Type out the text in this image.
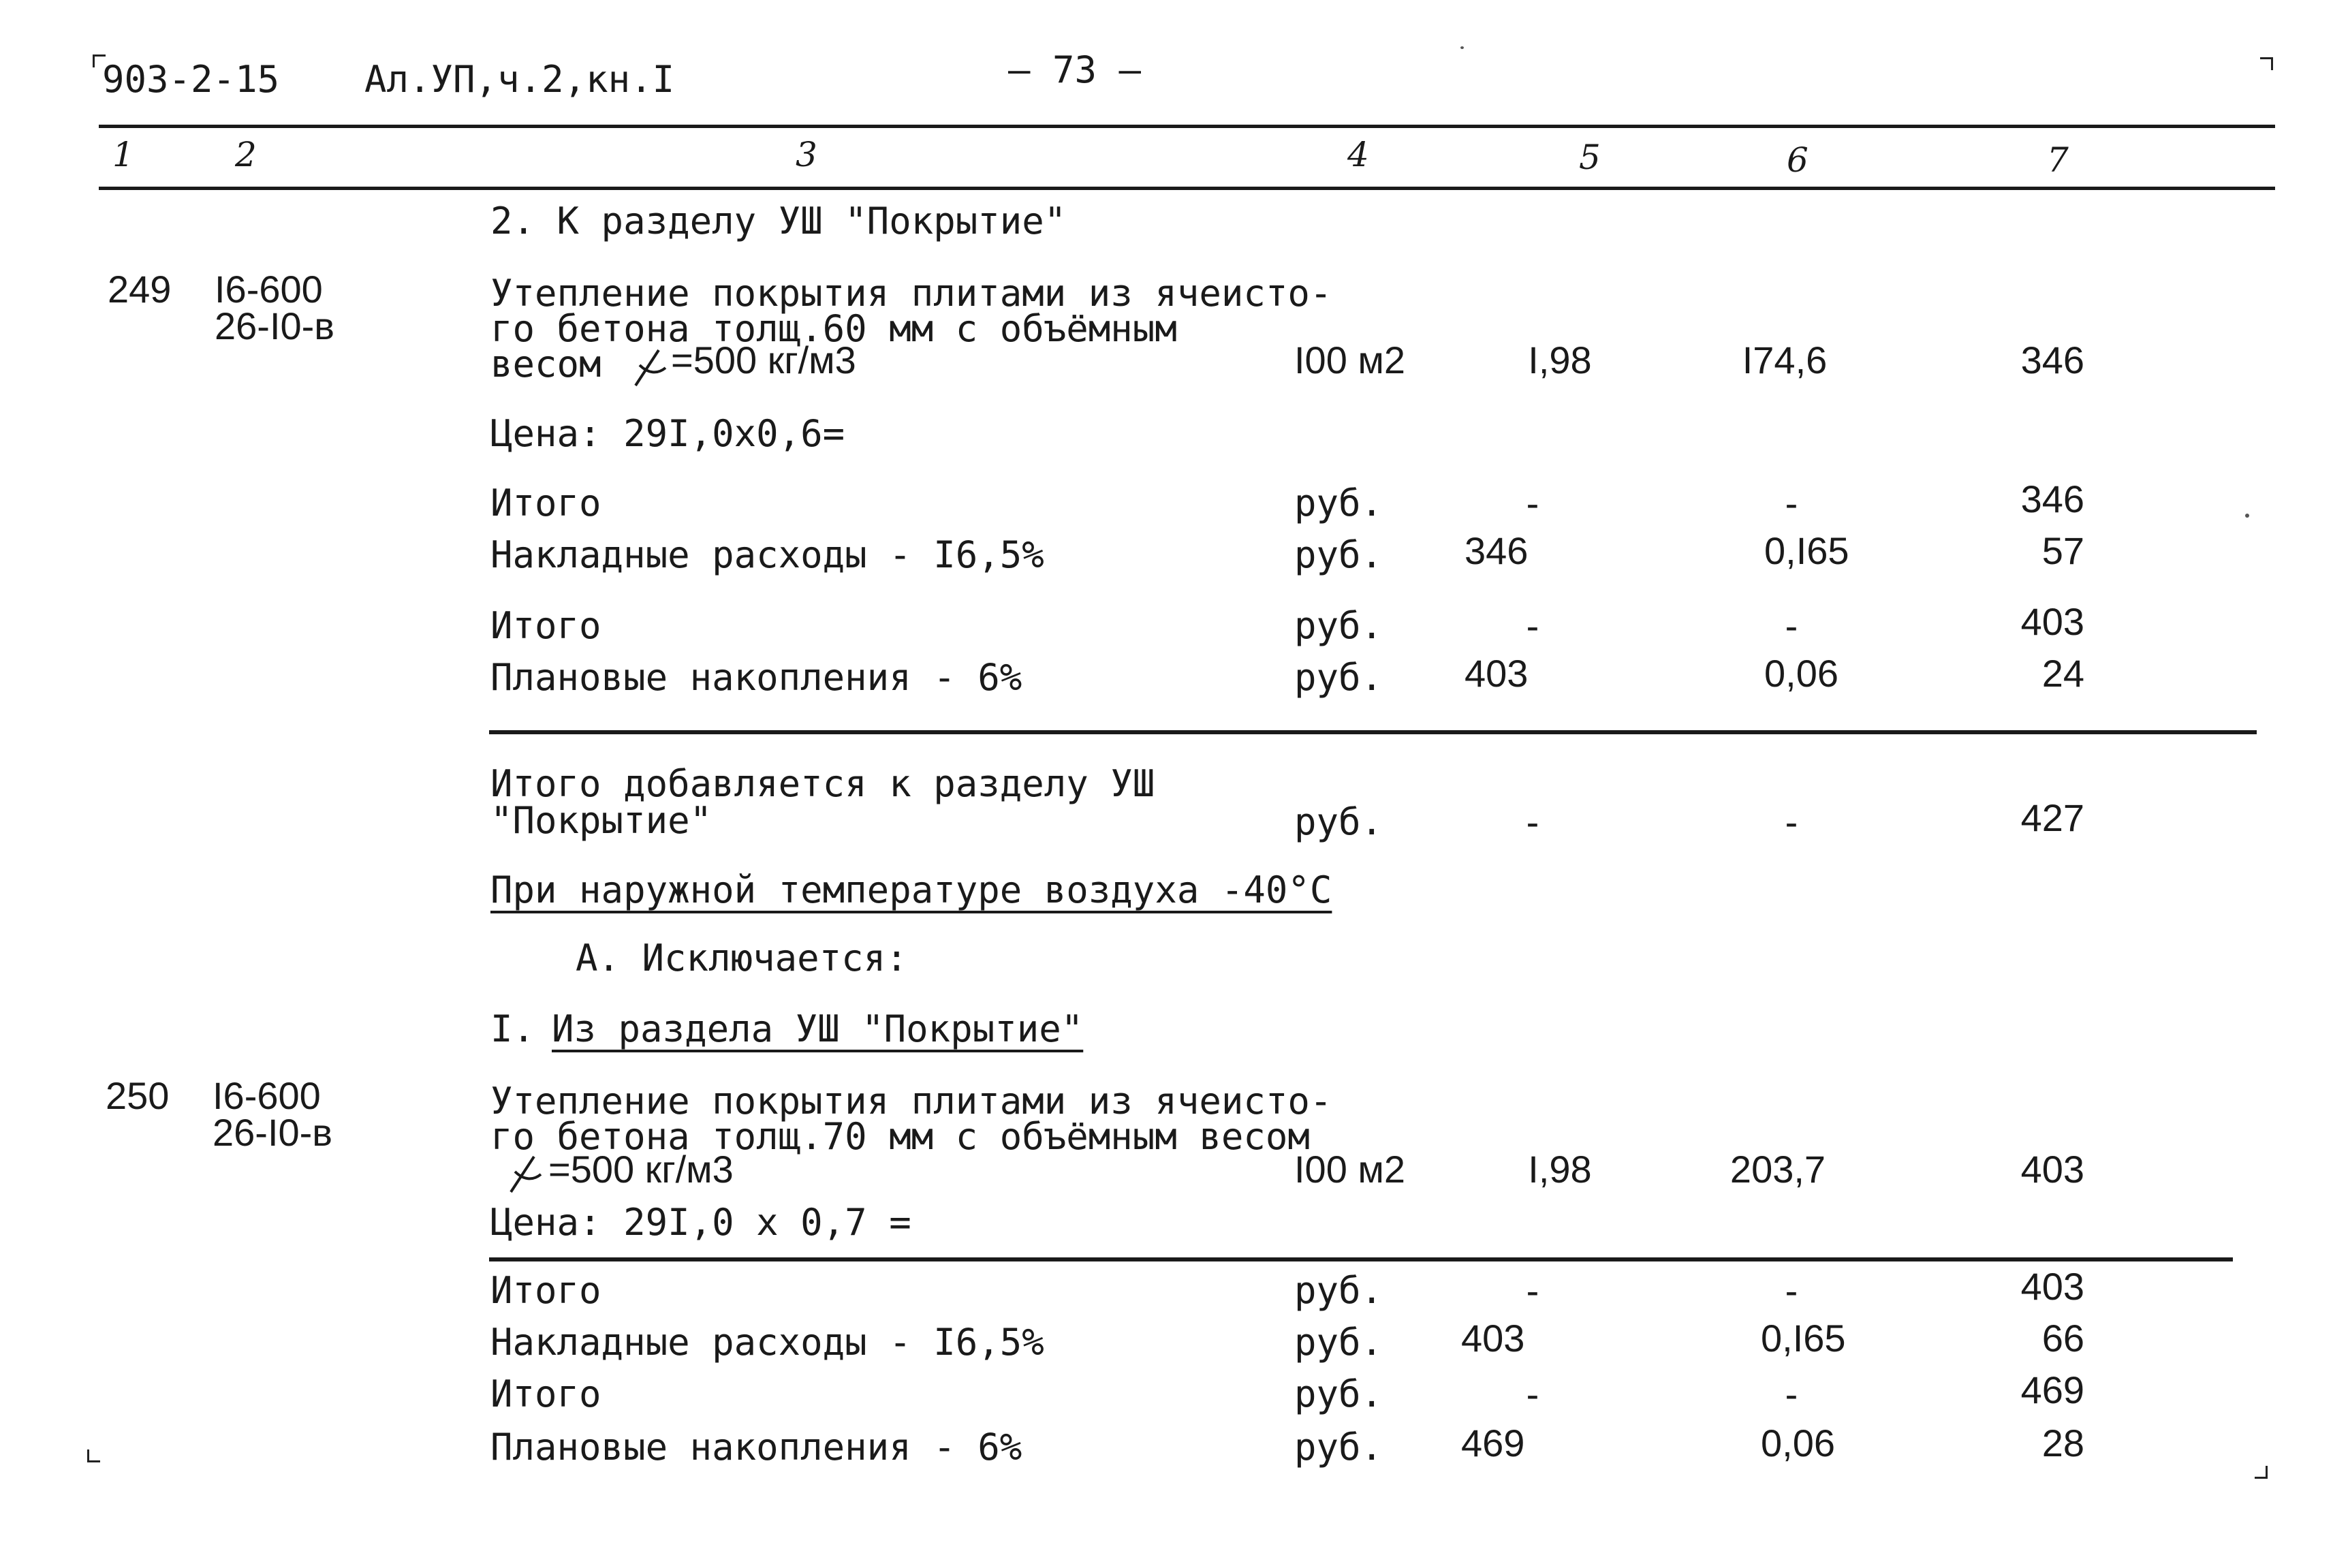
903-2-15 Ал.УП,ч.2,кн.I	— 73 —
1	2	3	4	5	6	7
2. К разделу УШ "Покрытие"
249 I6-600
26-I0-в
Утепление покрытия плитами из ячеисто-
го бетона толщ.60 мм с объёмным
весом =500 кг/м3	I00 м2	I,98	I74,6	346
Цена: 29I,0х0,6=
Итого	руб.	-	-	346
Накладные расходы - I6,5%	руб. 346	0,I65	57
Итого	руб.	-	-	403
Плановые накопления - 6%	руб. 403	0,06	24
Итого добавляется к разделу УШ
"Покрытие"	руб.	-	-	427
При наружной температуре воздуха -40°С
А. Исключается:
I. Из раздела УШ "Покрытие"
250 I6-600
26-I0-в
Утепление покрытия плитами из ячеисто-
го бетона толщ.70 мм с объёмным весом
=500 кг/м3	I00 м2	I,98	203,7	403
Цена: 29I,0 х 0,7 =
Итого	руб.	-	-	403
Накладные расходы - I6,5%	руб. 403	0,I65	66
Итого	руб.	-	-	469
Плановые накопления - 6%	руб. 469	0,06	28
